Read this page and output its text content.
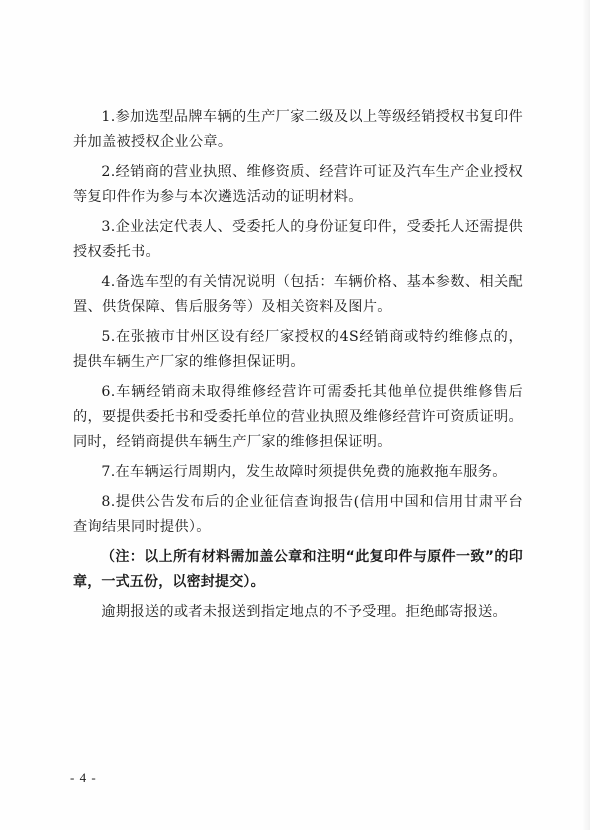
1.参加选型品牌车辆的生产厂家二级及以上等级经销授权书复印件并加盖被授权企业公章。

2.经销商的营业执照、维修资质、经营许可证及汽车生产企业授权等复印件作为参与本次遴选活动的证明材料。

3.企业法定代表人、受委托人的身份证复印件，受委托人还需提供授权委托书。

4.备选车型的有关情况说明（包括：车辆价格、基本参数、相关配置、供货保障、售后服务等）及相关资料及图片。

5.在张掖市甘州区设有经厂家授权的4S经销商或特约维修点的，提供车辆生产厂家的维修担保证明。

6.车辆经销商未取得维修经营许可需委托其他单位提供维修售后的，要提供委托书和受委托单位的营业执照及维修经营许可资质证明。同时，经销商提供车辆生产厂家的维修担保证明。

7.在车辆运行周期内，发生故障时须提供免费的施救拖车服务。

8.提供公告发布后的企业征信查询报告(信用中国和信用甘肃平台查询结果同时提供）。

（注：以上所有材料需加盖公章和注明“此复印件与原件一致”的印章，一式五份，以密封提交）。

逾期报送的或者未报送到指定地点的不予受理。拒绝邮寄报送。

- 4 -
